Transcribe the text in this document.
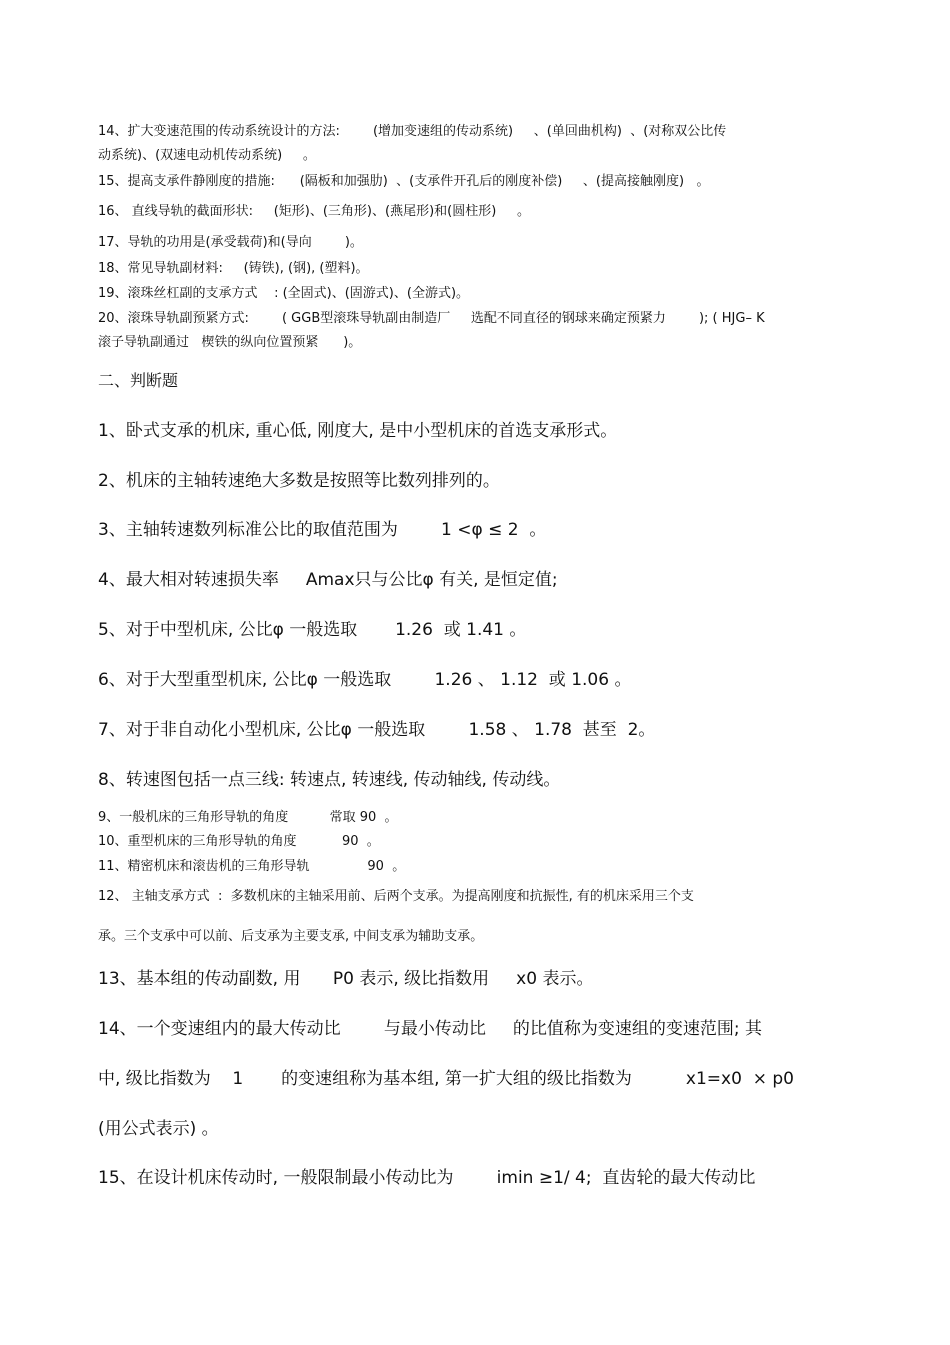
14、扩大变速范围的传动系统设计的方法:        (增加变速组的传动系统)     、(单回曲机构)  、(对称双公比传
动系统)、(双速电动机传动系统)     。
15、提高支承件静刚度的措施:      (隔板和加强肋)  、(支承件开孔后的刚度补偿)     、(提高接触刚度)   。
16、 直线导轨的截面形状:     (矩形)、(三角形)、(燕尾形)和(圆柱形)     。
17、导轨的功用是(承受载荷)和(导向        )。
18、常见导轨副材料:     (铸铁), (钢), (塑料)。
19、滚珠丝杠副的支承方式    : (全固式)、(固游式)、(全游式)。
20、滚珠导轨副预紧方式:        ( GGB型滚珠导轨副由制造厂     选配不同直径的钢球来确定预紧力        ); ( HJG– K
滚子导轨副通过   楔铁的纵向位置预紧      )。
二、判断题
1、卧式支承的机床, 重心低, 刚度大, 是中小型机床的首选支承形式。
2、机床的主轴转速绝大多数是按照等比数列排列的。
3、主轴转速数列标准公比的取值范围为        1 <φ ≤ 2  。
4、最大相对转速损失率     Amax只与公比φ 有关, 是恒定值;
5、对于中型机床, 公比φ 一般选取       1.26  或 1.41 。
6、对于大型重型机床, 公比φ 一般选取        1.26 、 1.12  或 1.06 。
7、对于非自动化小型机床, 公比φ 一般选取        1.58 、 1.78  甚至  2。
8、转速图包括一点三线: 转速点, 转速线, 传动轴线, 传动线。
9、一般机床的三角形导轨的角度          常取 90  。
10、重型机床的三角形导轨的角度           90  。
11、精密机床和滚齿机的三角形导轨              90  。
12、 主轴支承方式  :  多数机床的主轴采用前、后两个支承。为提高刚度和抗振性, 有的机床采用三个支
承。三个支承中可以前、后支承为主要支承, 中间支承为辅助支承。
13、基本组的传动副数, 用      P0 表示, 级比指数用     x0 表示。
14、一个变速组内的最大传动比        与最小传动比     的比值称为变速组的变速范围; 其
中, 级比指数为    1       的变速组称为基本组, 第一扩大组的级比指数为          x1=x0  × p0
(用公式表示) 。
15、在设计机床传动时, 一般限制最小传动比为        imin ≥1/ 4;  直齿轮的最大传动比
